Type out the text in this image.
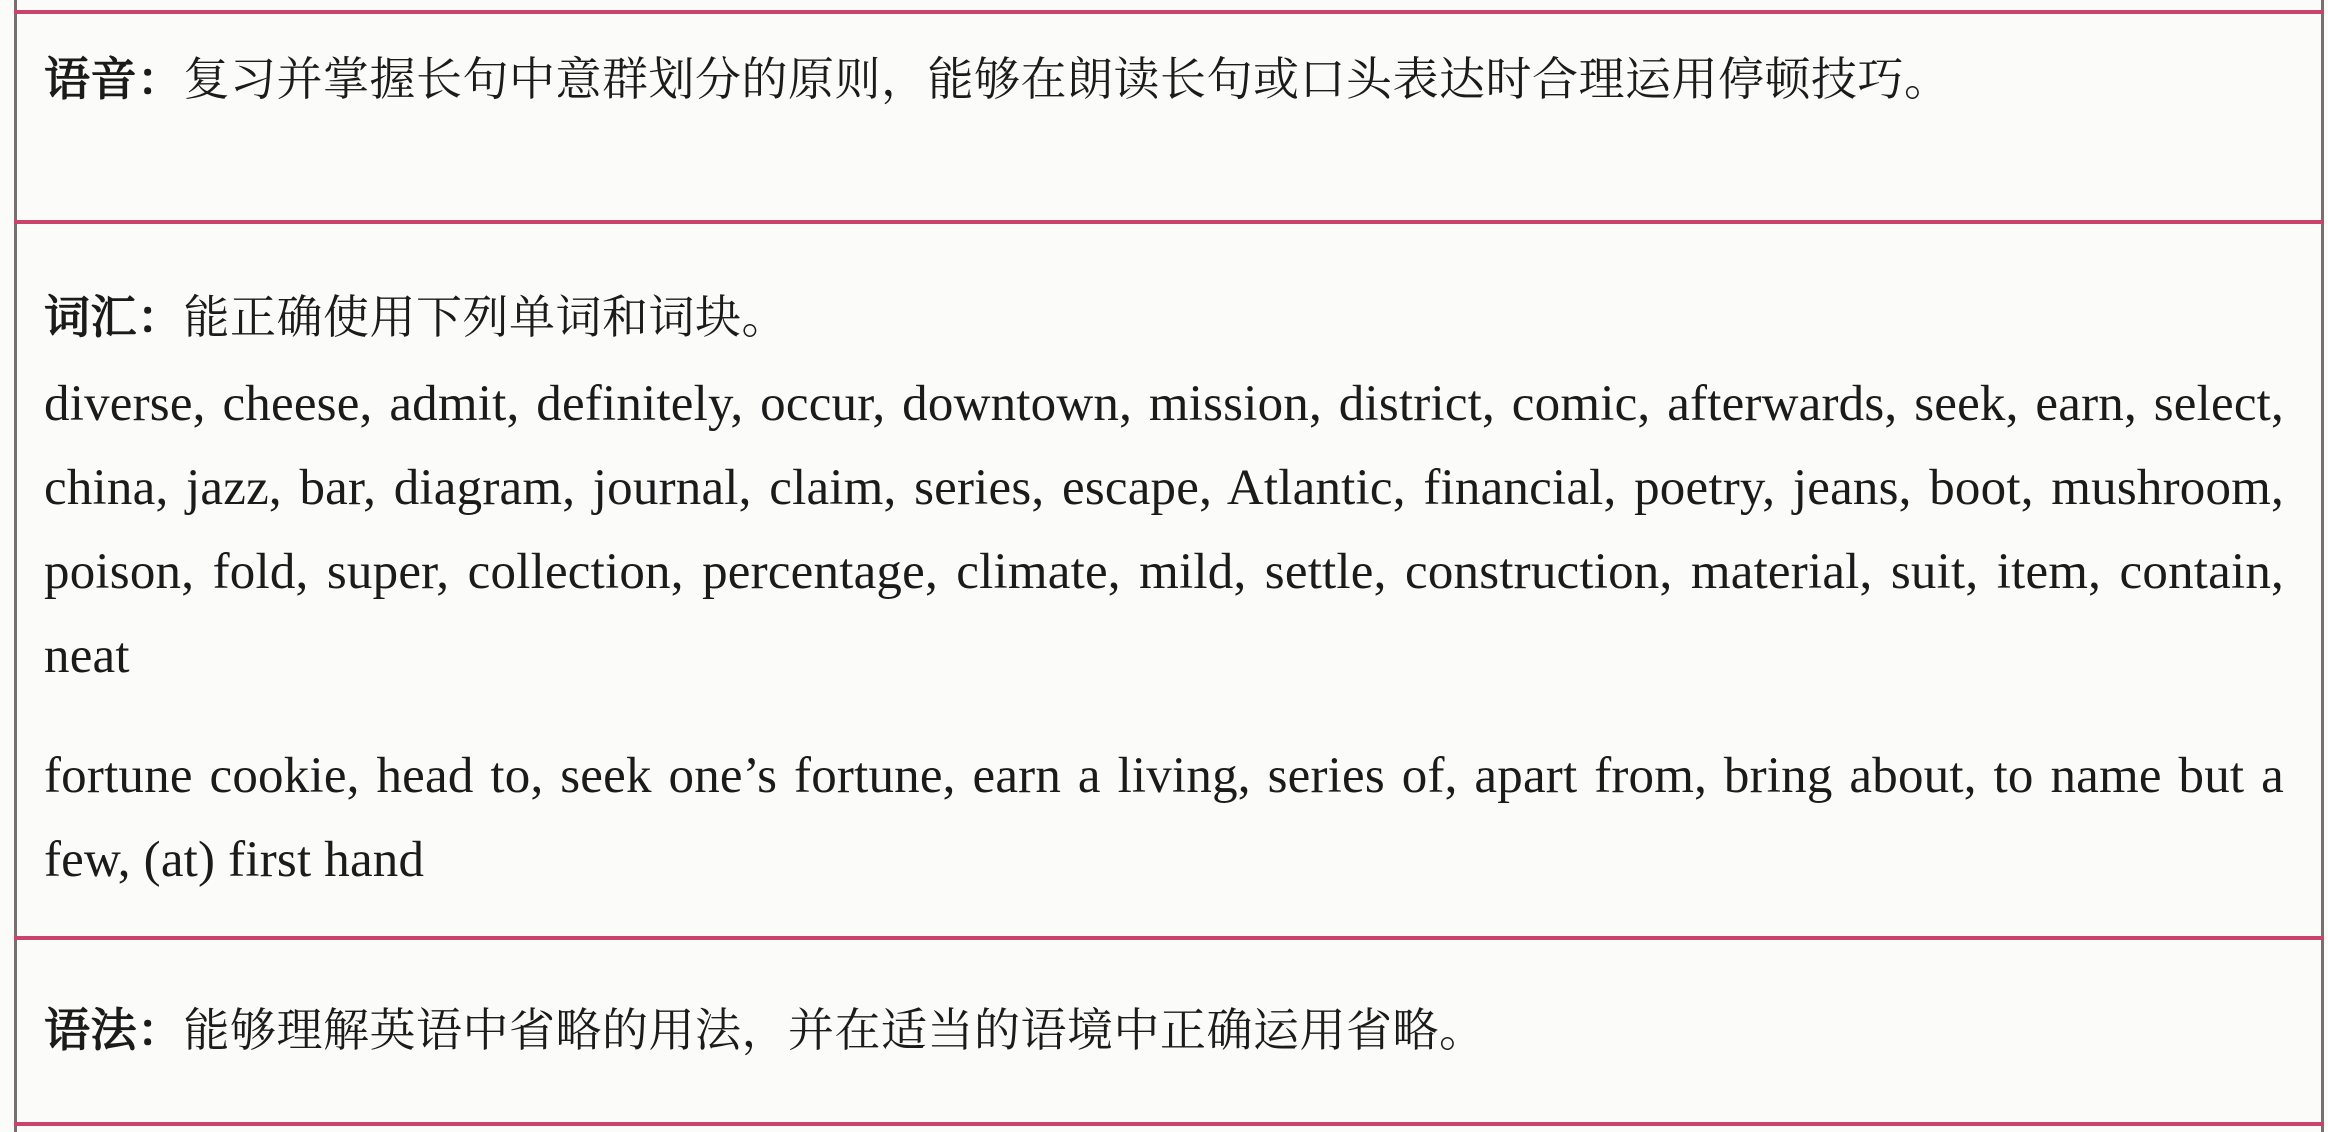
语音：复习并掌握长句中意群划分的原则，能够在朗读长句或口头表达时合理运用停顿技巧。
词汇：能正确使用下列单词和词块。
diverse, cheese, admit, definitely, occur, downtown, mission, district, comic, afterwards, seek, earn, select, china, jazz, bar, diagram, journal, claim, series, escape, Atlantic, financial, poetry, jeans, boot, mushroom, poison, fold, super, collection, percentage, climate, mild, settle, construction, material, suit, item, contain, neat
fortune cookie, head to, seek one’s fortune, earn a living, series of, apart from, bring about, to name but a few, (at) first hand
语法：能够理解英语中省略的用法，并在适当的语境中正确运用省略。
